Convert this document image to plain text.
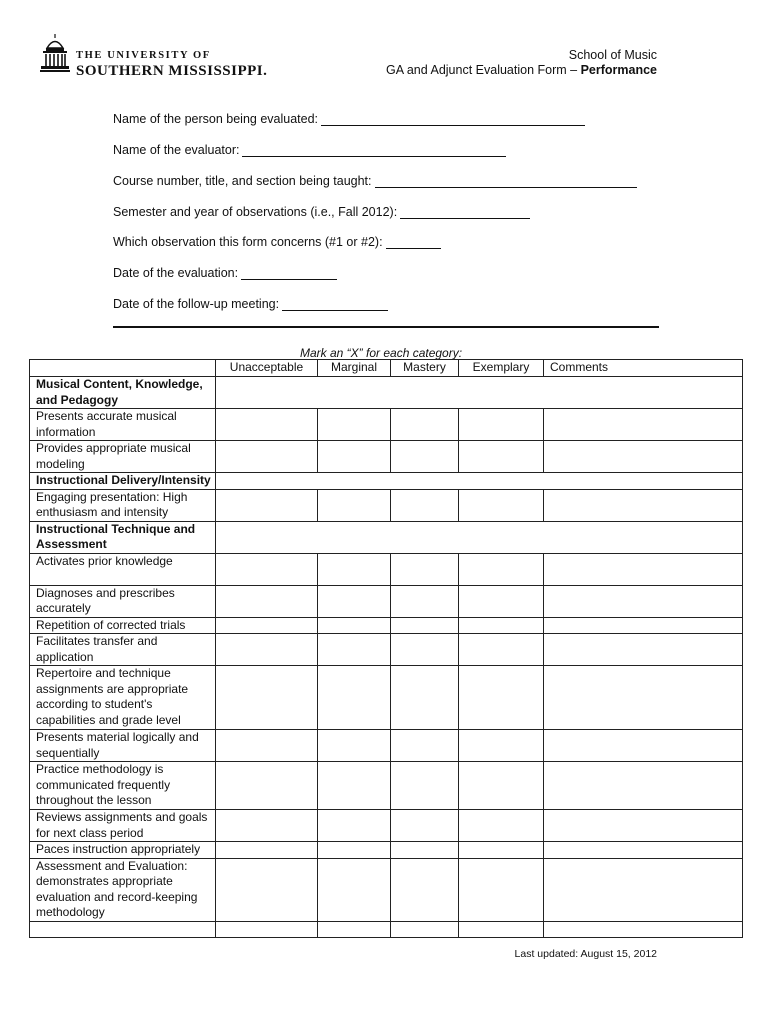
THE UNIVERSITY OF
SOUTHERN MISSISSIPPI.
School of Music
GA and Adjunct Evaluation Form – Performance
Name of the person being evaluated:
Name of the evaluator:
Course number, title, and section being taught:
Semester and year of observations (i.e., Fall 2012):
Which observation this form concerns (#1 or #2):
Date of the evaluation:
Date of the follow-up meeting:
Mark an “X” for each category:
	Unacceptable	Marginal	Mastery	Exemplary	Comments
Musical Content, Knowledge, and Pedagogy					
Presents accurate musical information					
Provides appropriate musical modeling					
Instructional Delivery/Intensity					
Engaging presentation: High enthusiasm and intensity					
Instructional Technique and Assessment					
Activates prior knowledge					
Diagnoses and prescribes accurately					
Repetition of corrected trials					
Facilitates transfer and application					
Repertoire and technique assignments are appropriate according to student's capabilities and grade level					
Presents material logically and sequentially					
Practice methodology is communicated frequently throughout the lesson					
Reviews assignments and goals for next class period					
Paces instruction appropriately					
Assessment and Evaluation: demonstrates appropriate evaluation and record-keeping methodology					

Last updated: August 15, 2012
